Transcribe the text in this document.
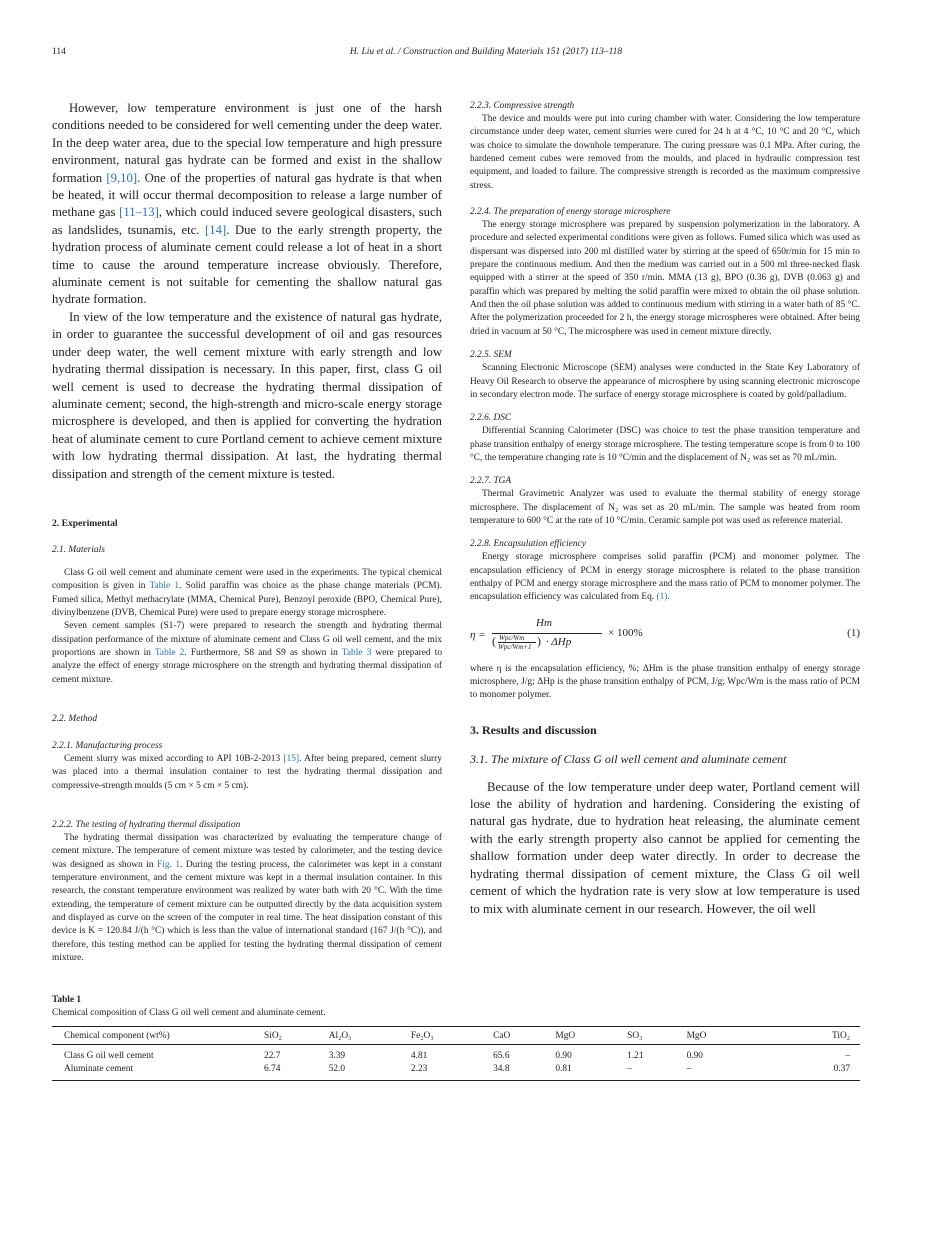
114	H. Liu et al. / Construction and Building Materials 151 (2017) 113–118

However, low temperature environment is just one of the harsh conditions needed to be considered for well cementing under the deep water. In the deep water area, due to the special low temperature and high pressure environment, natural gas hydrate can be formed and exist in the shallow formation [9,10]. One of the properties of natural gas hydrate is that when be heated, it will occur thermal decomposition to release a large number of methane gas [11–13], which could induced severe geological disasters, such as landslides, tsunamis, etc. [14]. Due to the early strength property, the hydration process of aluminate cement could release a lot of heat in a short time to cause the around temperature increase obviously. Therefore, aluminate cement is not suitable for cementing the shallow natural gas hydrate formation.

In view of the low temperature and the existence of natural gas hydrate, in order to guarantee the successful development of oil and gas resources under deep water, the well cement mixture with early strength and low hydrating thermal dissipation is necessary. In this paper, first, class G oil well cement is used to decrease the hydrating thermal dissipation of aluminate cement; second, the high-strength and micro-scale energy storage microsphere is developed, and then is applied for converting the hydration heat of aluminate cement to cure Portland cement to achieve cement mixture with low hydrating thermal dissipation. At last, the hydrating thermal dissipation and strength of the cement mixture is tested.

2. Experimental

2.1. Materials

Class G oil well cement and aluminate cement were used in the experiments. The typical chemical composition is given in Table 1. Solid paraffin was choice as the phase change materials (PCM). Fumed silica, Methyl methacrylate (MMA, Chemical Pure), Benzoyl peroxide (BPO, Chemical Pure), divinylbenzene (DVB, Chemical Pure) were used to prepare energy storage microsphere.

Seven cement samples (S1-7) were prepared to research the strength and hydrating thermal dissipation performance of the mixture of aluminate cement and Class G oil well cement, and the mix proportions are shown in Table 2. Furthermore, S8 and S9 as shown in Table 3 were prepared to analyze the effect of energy storage microsphere on the strength and hydrating thermal dissipation of cement mixture.

2.2. Method

2.2.1. Manufacturing process

Cement slurry was mixed according to API 10B-2-2013 [15]. After being prepared, cement slurry was placed into a thermal insulation container to test the hydrating thermal dissipation and compressive-strength moulds (5 cm × 5 cm × 5 cm).

2.2.2. The testing of hydrating thermal dissipation

The hydrating thermal dissipation was characterized by evaluating the temperature change of cement mixture. The temperature of cement mixture was tested by calorimeter, and the testing device was designed as shown in Fig. 1. During the testing process, the calorimeter was kept in a constant temperature environment, and the cement mixture was kept in a thermal insulation container. In this research, the constant temperature environment was realized by water bath with 20 °C. With the time extending, the temperature of cement mixture can be outputted directly by the data acquisition system and displayed as curve on the screen of the computer in real time. The heat dissipation constant of this device is K = 120.84 J/(h °C) which is less than the value of international standard (167 J/(h °C)), and therefore, this testing method can be applied for testing the hydrating thermal dissipation of cement mixture.

2.2.3. Compressive strength

The device and moulds were put into curing chamber with water. Considering the low temperature circumstance under deep water, cement slurries were cured for 24 h at 4 °C, 10 °C and 20 °C, which was choice to simulate the downhole temperature. The curing pressure was 0.1 MPa. After curing, the hardened cement cubes were removed from the moulds, and placed in hydraulic compression test equipment, and loaded to failure. The compressive strength is recorded as the maximum compressive stress.

2.2.4. The preparation of energy storage microsphere

The energy storage microsphere was prepared by suspension polymerization in the laboratory. A procedure and selected experimental conditions were given as follows. Fumed silica which was used as dispersant was dispersed into 200 ml distilled water by stirring at the speed of 650r/min for 15 min to prepare the continuous medium. And then the medium was carried out in a 500 ml three-necked flask equipped with a stirrer at the speed of 350 r/min. MMA (13 g), BPO (0.36 g), DVB (0.063 g) and paraffin which was prepared by melting the solid paraffin were mixed to obtain the oil phase solution. And then the oil phase solution was added to continuous medium with stirring in a water bath of 85 °C. After the polymerization proceeded for 2 h, the energy storage microspheres were obtained. After being dried in vacuum at 50 °C, The microsphere was used in cement mixture directly.

2.2.5. SEM

Scanning Electronic Microscope (SEM) analyses were conducted in the State Key Laboratory of Heavy Oil Research to observe the appearance of microsphere by using scanning electronic microscope in secondary electron mode. The surface of energy storage microsphere is coated by gold/palladium.

2.2.6. DSC

Differential Scanning Calorimeter (DSC) was choice to test the phase transition temperature and phase transition enthalpy of energy storage microsphere. The testing temperature scope is from 0 to 100 °C, the temperature changing rate is 10 °C/min and the displacement of N₂ was set as 70 mL/min.

2.2.7. TGA

Thermal Gravimetric Analyzer was used to evaluate the thermal stability of energy storage microsphere. The displacement of N₂ was set as 20 mL/min. The sample was heated from room temperature to 600 °C at the rate of 10 °C/min. Ceramic sample pot was used as reference material.

2.2.8. Encapsulation efficiency

Energy storage microsphere comprises solid paraffin (PCM) and monomer polymer. The encapsulation efficiency of PCM in energy storage microsphere is related to the phase transition enthalpy of PCM and energy storage microsphere and the mass ratio of PCM to monomer polymer. The encapsulation efficiency was calculated from Eq. (1).

η =
Hm
( Wpc/Wm
Wpc/Wm+1 ) · ΔHp
× 100%	(1)

where η is the encapsulation efficiency, %; ΔHm is the phase transition enthalpy of energy storage microsphere, J/g; ΔHp is the phase transition enthalpy of PCM, J/g; Wpc/Wm is the mass ratio of PCM to monomer polymer.

3. Results and discussion

3.1. The mixture of Class G oil well cement and aluminate cement

Because of the low temperature under deep water, Portland cement will lose the ability of hydration and hardening. Considering the existing of natural gas hydrate, due to hydration heat releasing, the aluminate cement with the early strength property also cannot be applied for cementing the shallow formation under deep water directly. In order to decrease the hydrating thermal dissipation of cement mixture, the Class G oil well cement of which the hydration rate is very slow at low temperature is used to mix with aluminate cement in our research. However, the oil well

Table 1
Chemical composition of Class G oil well cement and aluminate cement.
Chemical component (wt%)	SiO₂	Al₂O₃	Fe₂O₃	CaO	MgO	SO₃	MgO	TiO₂
Class G oil well cement	22.7	3.39	4.81	65.6	0.90	1.21	0.90	–
Aluminate cement	6.74	52.0	2.23	34.8	0.81	–	–	0.37
